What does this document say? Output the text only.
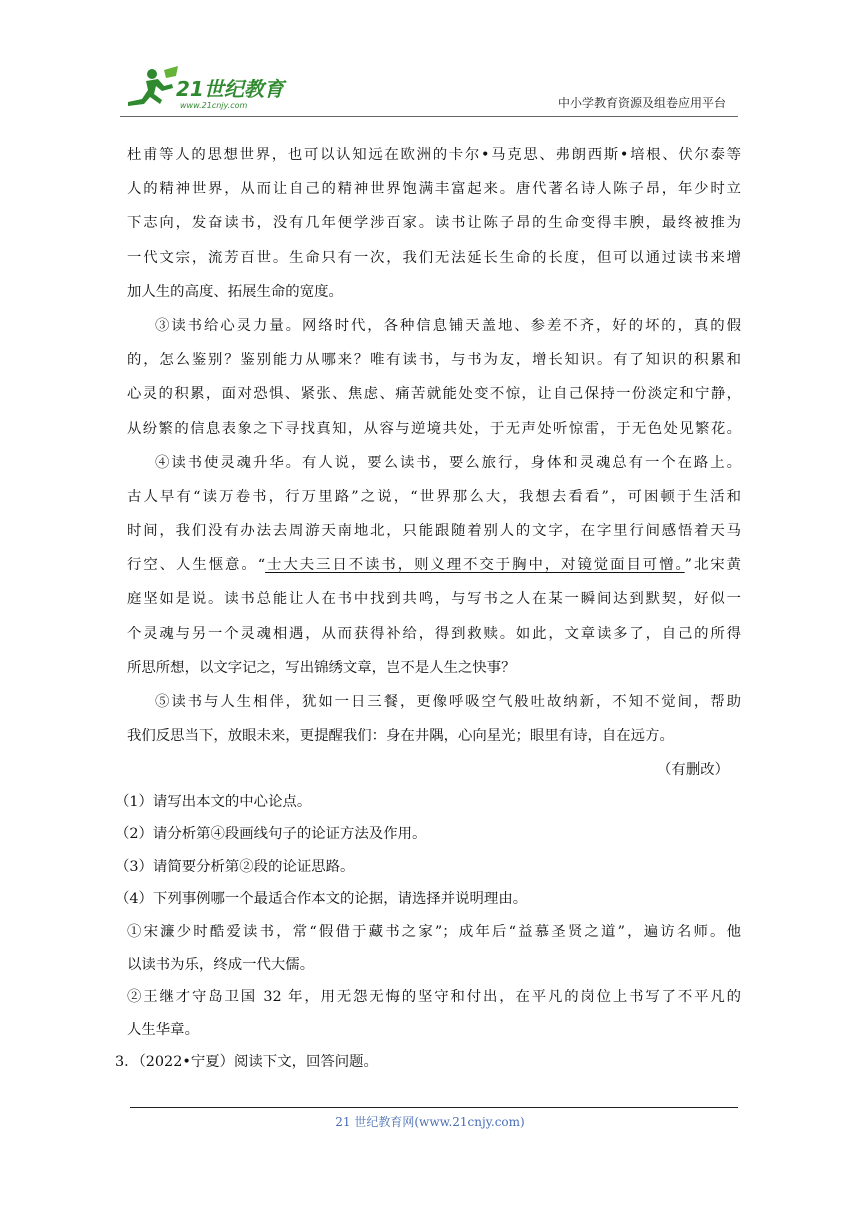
21世纪教育
www.21cnjy.com	中小学教育资源及组卷应用平台
杜甫等人的思想世界，也可以认知远在欧洲的卡尔•马克思、弗朗西斯•培根、伏尔泰等
人的精神世界，从而让自己的精神世界饱满丰富起来。唐代著名诗人陈子昂，年少时立
下志向，发奋读书，没有几年便学涉百家。读书让陈子昂的生命变得丰腴，最终被推为
一代文宗，流芳百世。生命只有一次，我们无法延长生命的长度，但可以通过读书来增
加人生的高度、拓展生命的宽度。
③读书给心灵力量。网络时代，各种信息铺天盖地、参差不齐，好的坏的，真的假
的，怎么鉴别？鉴别能力从哪来？唯有读书，与书为友，增长知识。有了知识的积累和
心灵的积累，面对恐惧、紧张、焦虑、痛苦就能处变不惊，让自己保持一份淡定和宁静，
从纷繁的信息表象之下寻找真知，从容与逆境共处，于无声处听惊雷，于无色处见繁花。
④读书使灵魂升华。有人说，要么读书，要么旅行，身体和灵魂总有一个在路上。
古人早有“读万卷书，行万里路”之说，“世界那么大，我想去看看”，可困顿于生活和
时间，我们没有办法去周游天南地北，只能跟随着别人的文字，在字里行间感悟着天马
行空、人生惬意。“士大夫三日不读书，则义理不交于胸中，对镜觉面目可憎。”北宋黄
庭坚如是说。读书总能让人在书中找到共鸣，与写书之人在某一瞬间达到默契，好似一
个灵魂与另一个灵魂相遇，从而获得补给，得到救赎。如此，文章读多了，自己的所得
所思所想，以文字记之，写出锦绣文章，岂不是人生之快事？
⑤读书与人生相伴，犹如一日三餐，更像呼吸空气般吐故纳新，不知不觉间，帮助
我们反思当下，放眼未来，更提醒我们：身在井隅，心向星光；眼里有诗，自在远方。
（有删改）
（1）请写出本文的中心论点。
（2）请分析第④段画线句子的论证方法及作用。
（3）请简要分析第②段的论证思路。
（4）下列事例哪一个最适合作本文的论据，请选择并说明理由。
①宋濂少时酷爱读书，常“假借于藏书之家”；成年后“益慕圣贤之道”，遍访名师。他
以读书为乐，终成一代大儒。
②王继才守岛卫国 32 年，用无怨无悔的坚守和付出，在平凡的岗位上书写了不平凡的
人生华章。
3．（2022•宁夏）阅读下文，回答问题。
21 世纪教育网(www.21cnjy.com)
